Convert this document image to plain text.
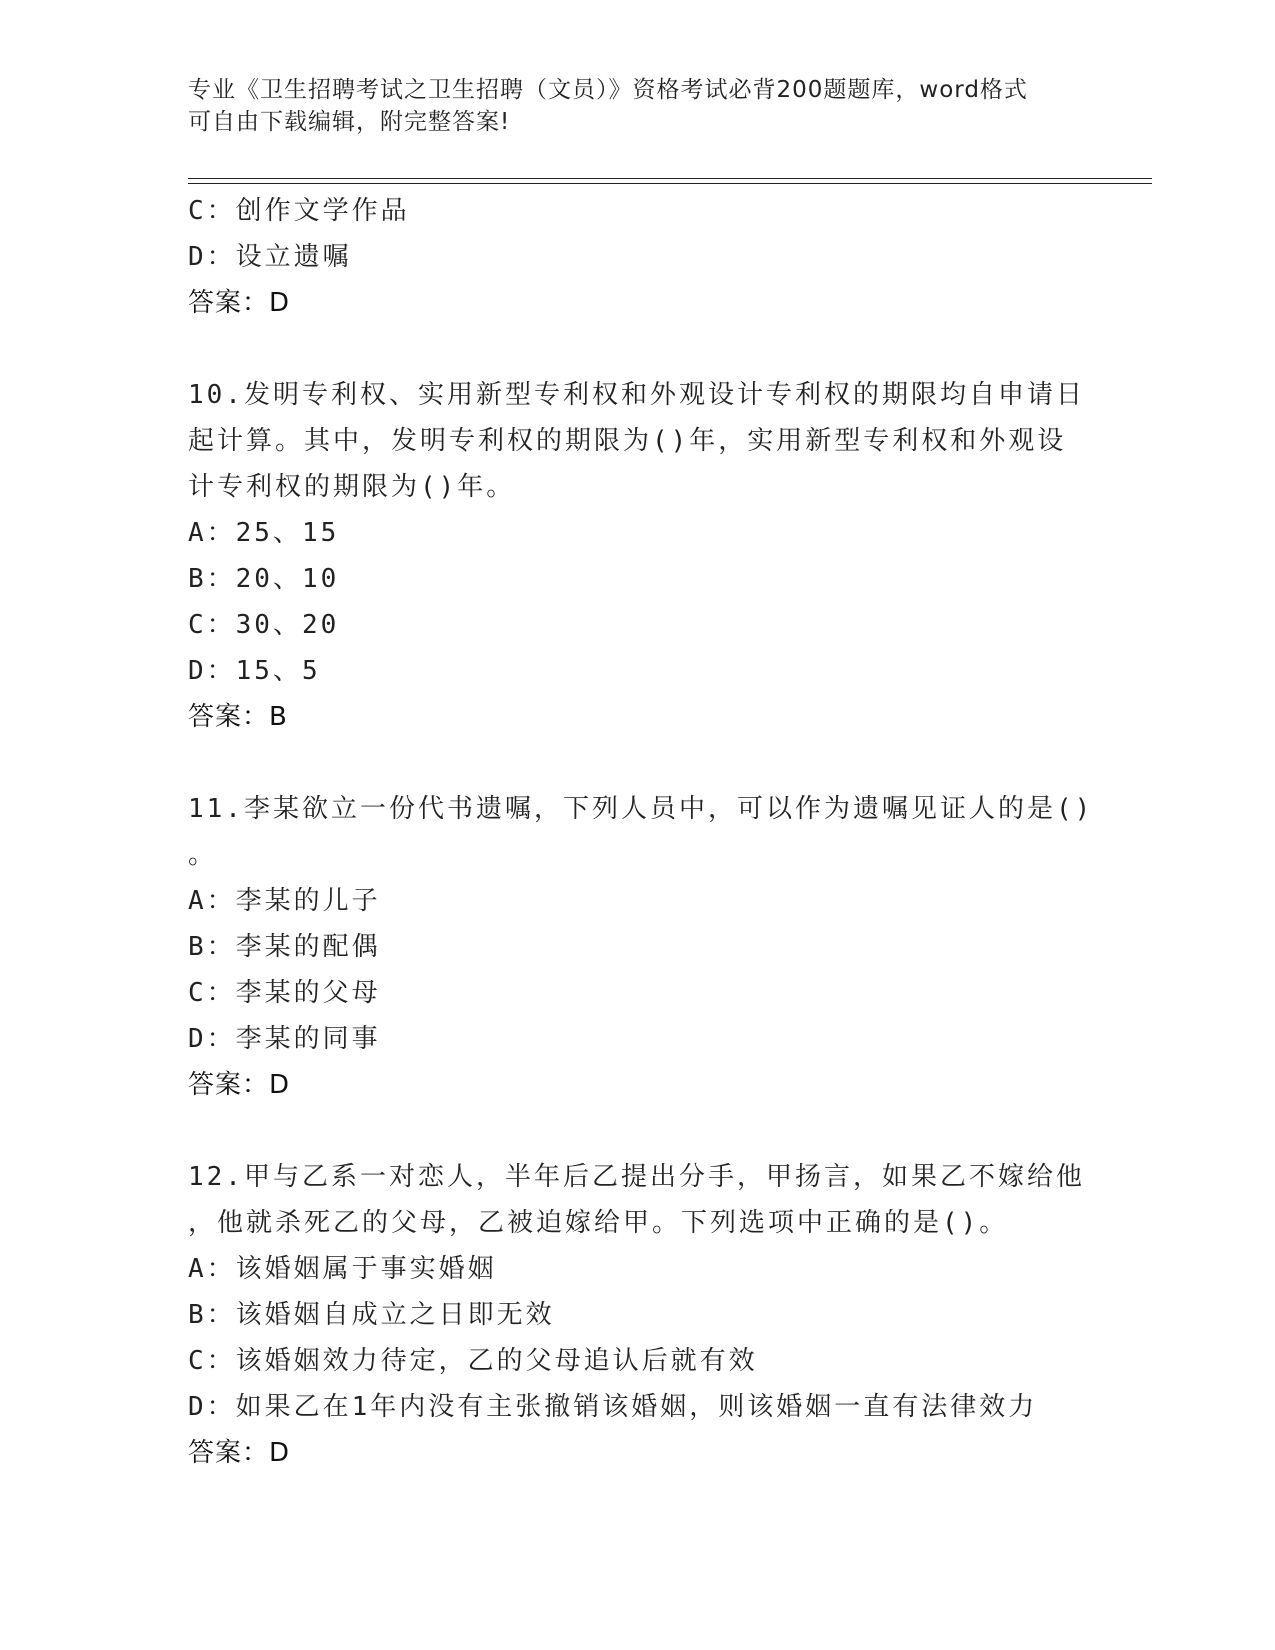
专业《卫生招聘考试之卫生招聘（文员）》资格考试必背200题题库，word格式
可自由下载编辑，附完整答案!
C：创作文学作品
D：设立遗嘱
答案：D
10.发明专利权、实用新型专利权和外观设计专利权的期限均自申请日
起计算。其中，发明专利权的期限为()年，实用新型专利权和外观设
计专利权的期限为()年。
A：25、15
B：20、10
C：30、20
D：15、5
答案：B
11.李某欲立一份代书遗嘱，下列人员中，可以作为遗嘱见证人的是()
。
A：李某的儿子
B：李某的配偶
C：李某的父母
D：李某的同事
答案：D
12.甲与乙系一对恋人，半年后乙提出分手，甲扬言，如果乙不嫁给他
，他就杀死乙的父母，乙被迫嫁给甲。下列选项中正确的是()。
A：该婚姻属于事实婚姻
B：该婚姻自成立之日即无效
C：该婚姻效力待定，乙的父母追认后就有效
D：如果乙在1年内没有主张撤销该婚姻，则该婚姻一直有法律效力
答案：D
